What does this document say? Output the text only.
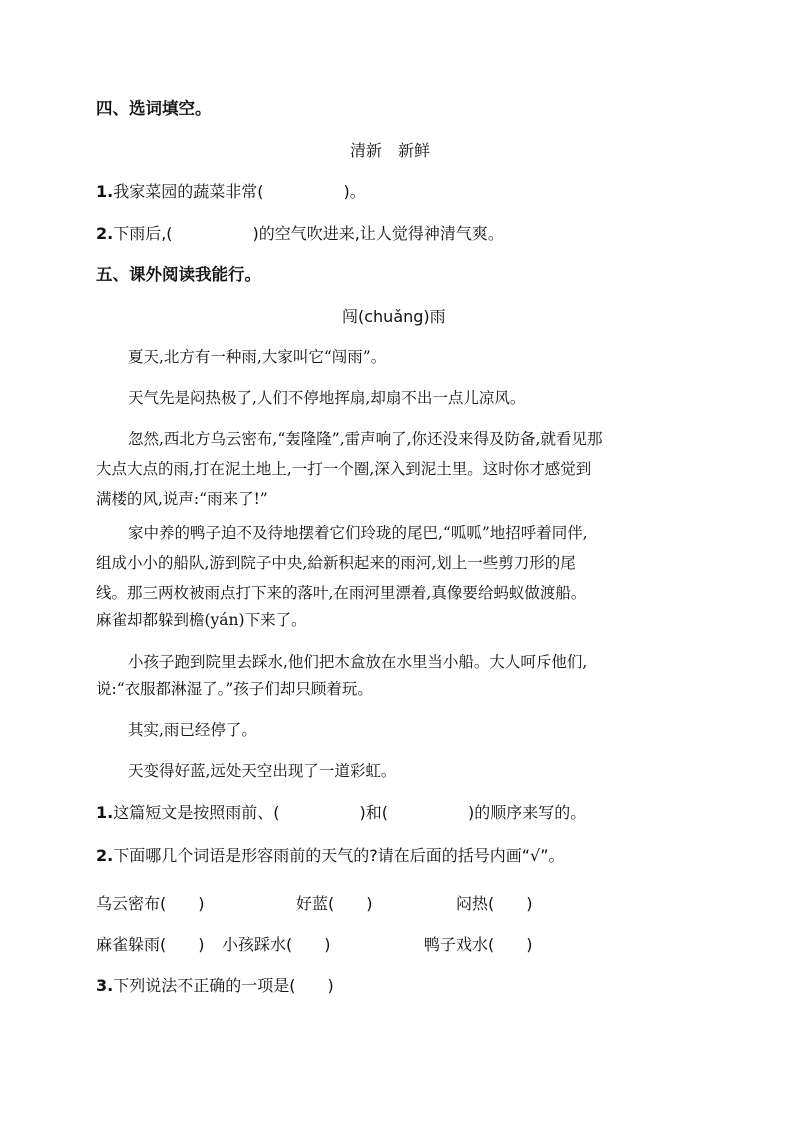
四、选词填空。
清新　新鲜
1.我家菜园的蔬菜非常(　　　　　)。
2.下雨后,(　　　　　)的空气吹进来,让人觉得神清气爽。
五、课外阅读我能行。
闯(chuǎng)雨
夏天,北方有一种雨,大家叫它“闯雨”。
天气先是闷热极了,人们不停地挥扇,却扇不出一点儿凉风。
忽然,西北方乌云密布,“轰隆隆”,雷声响了,你还没来得及防备,就看见那
大点大点的雨,打在泥土地上,一打一个圈,深入到泥土里。这时你才感觉到
满楼的风,说声:“雨来了!”
家中养的鸭子迫不及待地摆着它们玲珑的尾巴,“呱呱”地招呼着同伴,
组成小小的船队,游到院子中央,給新积起来的雨河,划上一些剪刀形的尾
线。那三两枚被雨点打下来的落叶,在雨河里漂着,真像要给蚂蚁做渡船。
麻雀却都躲到檐(yán)下来了。
小孩子跑到院里去踩水,他们把木盒放在水里当小船。大人呵斥他们,
说:“衣服都淋湿了。”孩子们却只顾着玩。
其实,雨已经停了。
天变得好蓝,远处天空出现了一道彩虹。
1.这篇短文是按照雨前、(　　　　　)和(　　　　　)的顺序来写的。
2.下面哪几个词语是形容雨前的天气的?请在后面的括号内画“√”。
乌云密布(　　)	好蓝(　　)	闷热(　　)
麻雀躲雨(　　) 小孩踩水(　　)	鸭子戏水(　　)
3.下列说法不正确的一项是(　　)
